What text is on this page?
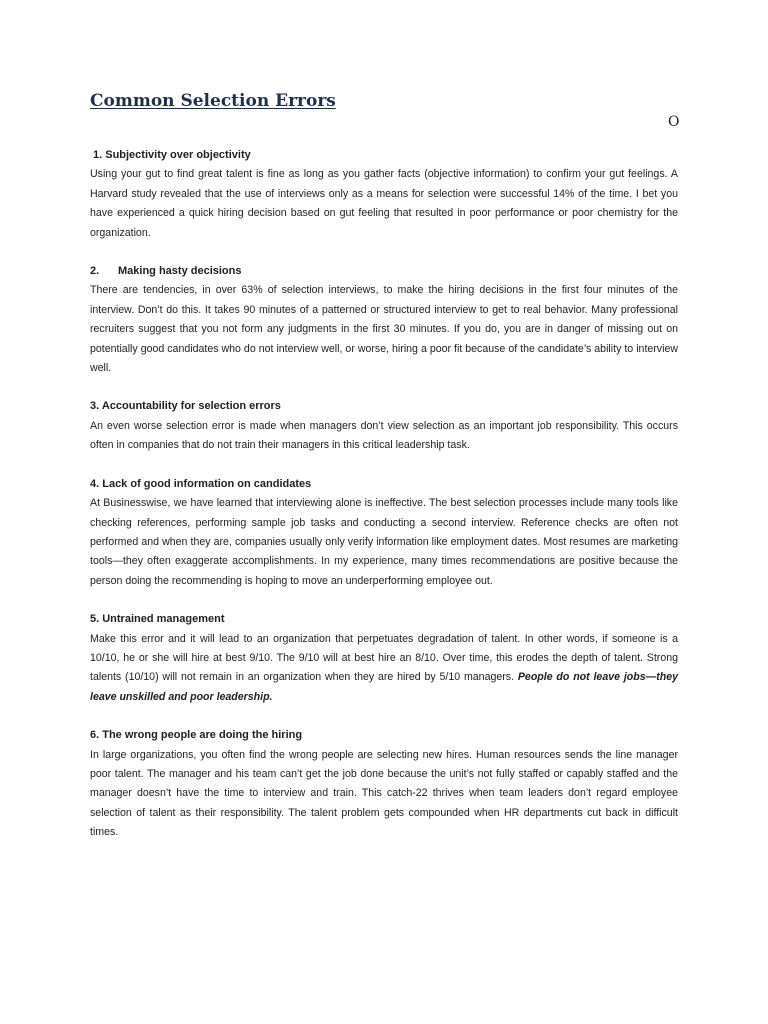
Common Selection Errors
O

1. Subjectivity over objectivity

Using your gut to find great talent is fine as long as you gather facts (objective information) to confirm your gut feelings. A Harvard study revealed that the use of interviews only as a means for selection were successful 14% of the time. I bet you have experienced a quick hiring decision based on gut feeling that resulted in poor performance or poor chemistry for the organization.

2. Making hasty decisions

There are tendencies, in over 63% of selection interviews, to make the hiring decisions in the first four minutes of the interview. Don’t do this. It takes 90 minutes of a patterned or structured interview to get to real behavior. Many professional recruiters suggest that you not form any judgments in the first 30 minutes. If you do, you are in danger of missing out on potentially good candidates who do not interview well, or worse, hiring a poor fit because of the candidate’s ability to interview well.

3. Accountability for selection errors

An even worse selection error is made when managers don’t view selection as an important job responsibility. This occurs often in companies that do not train their managers in this critical leadership task.

4. Lack of good information on candidates

At Businesswise, we have learned that interviewing alone is ineffective. The best selection processes include many tools like checking references, performing sample job tasks and conducting a second interview. Reference checks are often not performed and when they are, companies usually only verify information like employment dates. Most resumes are marketing tools—they often exaggerate accomplishments. In my experience, many times recommendations are positive because the person doing the recommending is hoping to move an underperforming employee out.

5. Untrained management

Make this error and it will lead to an organization that perpetuates degradation of talent. In other words, if someone is a 10/10, he or she will hire at best 9/10. The 9/10 will at best hire an 8/10. Over time, this erodes the depth of talent. Strong talents (10/10) will not remain in an organization when they are hired by 5/10 managers. People do not leave jobs—they leave unskilled and poor leadership.

6. The wrong people are doing the hiring

In large organizations, you often find the wrong people are selecting new hires. Human resources sends the line manager poor talent. The manager and his team can’t get the job done because the unit’s not fully staffed or capably staffed and the manager doesn’t have the time to interview and train. This catch-22 thrives when team leaders don’t regard employee selection of talent as their responsibility. The talent problem gets compounded when HR departments cut back in difficult times.
